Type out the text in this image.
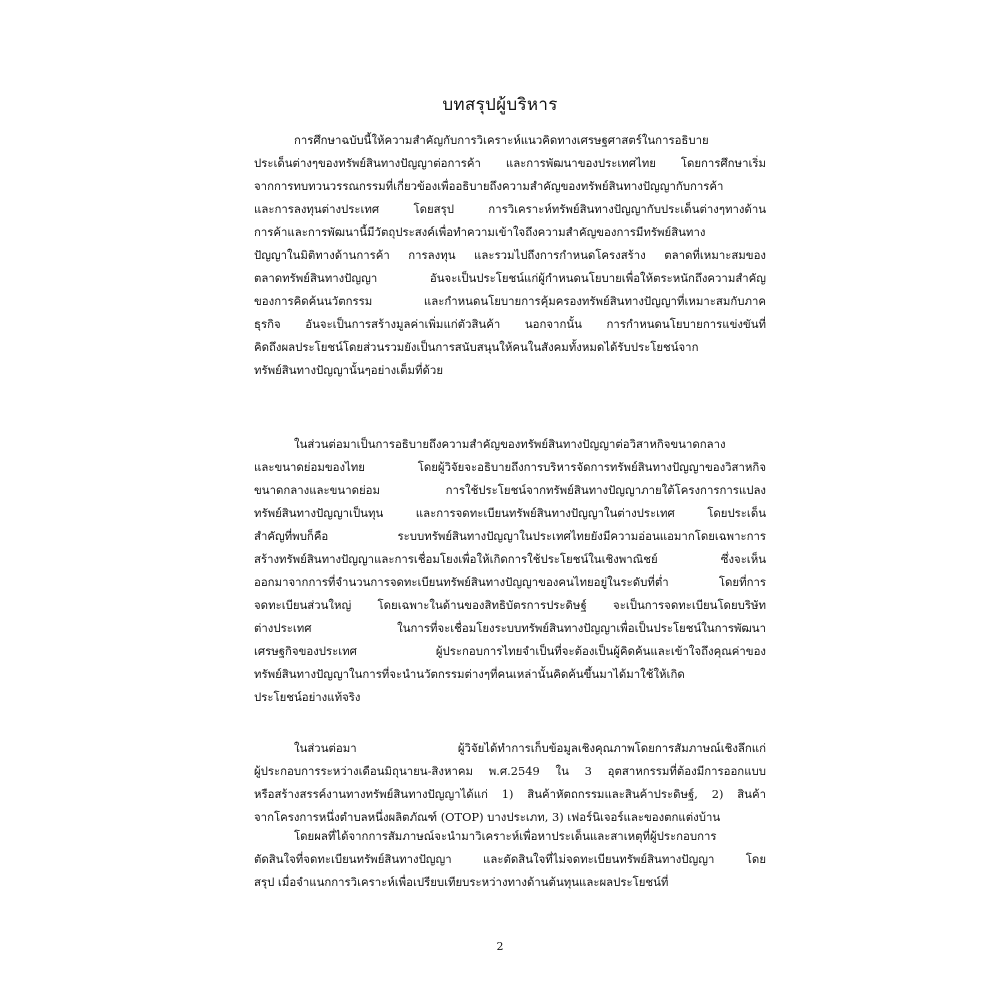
บทสรุปผู้บริหาร
การศึกษาฉบับนี้ให้ความสำคัญกับการวิเคราะห์แนวคิดทางเศรษฐศาสตร์ในการอธิบาย
ประเด็นต่างๆของทรัพย์สินทางปัญญาต่อการค้า และการพัฒนาของประเทศไทย โดยการศึกษาเริ่ม
จากการทบทวนวรรณกรรมที่เกี่ยวข้องเพื่ออธิบายถึงความสำคัญของทรัพย์สินทางปัญญากับการค้า
และการลงทุนต่างประเทศ โดยสรุป การวิเคราะห์ทรัพย์สินทางปัญญากับประเด็นต่างๆทางด้าน
การค้าและการพัฒนานี้มีวัตถุประสงค์เพื่อทำความเข้าใจถึงความสำคัญของการมีทรัพย์สินทาง
ปัญญาในมิติทางด้านการค้า การลงทุน และรวมไปถึงการกำหนดโครงสร้าง ตลาดที่เหมาะสมของ
ตลาดทรัพย์สินทางปัญญา อันจะเป็นประโยชน์แก่ผู้กำหนดนโยบายเพื่อให้ตระหนักถึงความสำคัญ
ของการคิดค้นนวัตกรรม และกำหนดนโยบายการคุ้มครองทรัพย์สินทางปัญญาที่เหมาะสมกับภาค
ธุรกิจ อันจะเป็นการสร้างมูลค่าเพิ่มแก่ตัวสินค้า นอกจากนั้น การกำหนดนโยบายการแข่งขันที่
คิดถึงผลประโยชน์โดยส่วนรวมยังเป็นการสนับสนุนให้คนในสังคมทั้งหมดได้รับประโยชน์จาก
ทรัพย์สินทางปัญญานั้นๆอย่างเต็มที่ด้วย
ในส่วนต่อมาเป็นการอธิบายถึงความสำคัญของทรัพย์สินทางปัญญาต่อวิสาหกิจขนาดกลาง
และขนาดย่อมของไทย โดยผู้วิจัยจะอธิบายถึงการบริหารจัดการทรัพย์สินทางปัญญาของวิสาหกิจ
ขนาดกลางและขนาดย่อม การใช้ประโยชน์จากทรัพย์สินทางปัญญาภายใต้โครงการการแปลง
ทรัพย์สินทางปัญญาเป็นทุน และการจดทะเบียนทรัพย์สินทางปัญญาในต่างประเทศ โดยประเด็น
สำคัญที่พบก็คือ ระบบทรัพย์สินทางปัญญาในประเทศไทยยังมีความอ่อนแอมากโดยเฉพาะการ
สร้างทรัพย์สินทางปัญญาและการเชื่อมโยงเพื่อให้เกิดการใช้ประโยชน์ในเชิงพาณิชย์ ซึ่งจะเห็น
ออกมาจากการที่จำนวนการจดทะเบียนทรัพย์สินทางปัญญาของคนไทยอยู่ในระดับที่ต่ำ โดยที่การ
จดทะเบียนส่วนใหญ่ โดยเฉพาะในด้านของสิทธิบัตรการประดิษฐ์ จะเป็นการจดทะเบียนโดยบริษัท
ต่างประเทศ ในการที่จะเชื่อมโยงระบบทรัพย์สินทางปัญญาเพื่อเป็นประโยชน์ในการพัฒนา
เศรษฐกิจของประเทศ ผู้ประกอบการไทยจำเป็นที่จะต้องเป็นผู้คิดค้นและเข้าใจถึงคุณค่าของ
ทรัพย์สินทางปัญญาในการที่จะนำนวัตกรรมต่างๆที่คนเหล่านั้นคิดค้นขึ้นมาได้มาใช้ให้เกิด
ประโยชน์อย่างแท้จริง
ในส่วนต่อมา ผู้วิจัยได้ทำการเก็บข้อมูลเชิงคุณภาพโดยการสัมภาษณ์เชิงลึกแก่
ผู้ประกอบการระหว่างเดือนมิถุนายน-สิงหาคม พ.ศ.2549 ใน 3 อุตสาหกรรมที่ต้องมีการออกแบบ
หรือสร้างสรรค์งานทางทรัพย์สินทางปัญญาได้แก่ 1) สินค้าหัตถกรรมและสินค้าประดิษฐ์, 2) สินค้า
จากโครงการหนึ่งตำบลหนึ่งผลิตภัณฑ์ (OTOP) บางประเภท, 3) เฟอร์นิเจอร์และของตกแต่งบ้าน
โดยผลที่ได้จากการสัมภาษณ์จะนำมาวิเคราะห์เพื่อหาประเด็นและสาเหตุที่ผู้ประกอบการ
ตัดสินใจที่จดทะเบียนทรัพย์สินทางปัญญา และตัดสินใจที่ไม่จดทะเบียนทรัพย์สินทางปัญญา โดย
สรุป เมื่อจำแนกการวิเคราะห์เพื่อเปรียบเทียบระหว่างทางด้านต้นทุนและผลประโยชน์ที่

2
